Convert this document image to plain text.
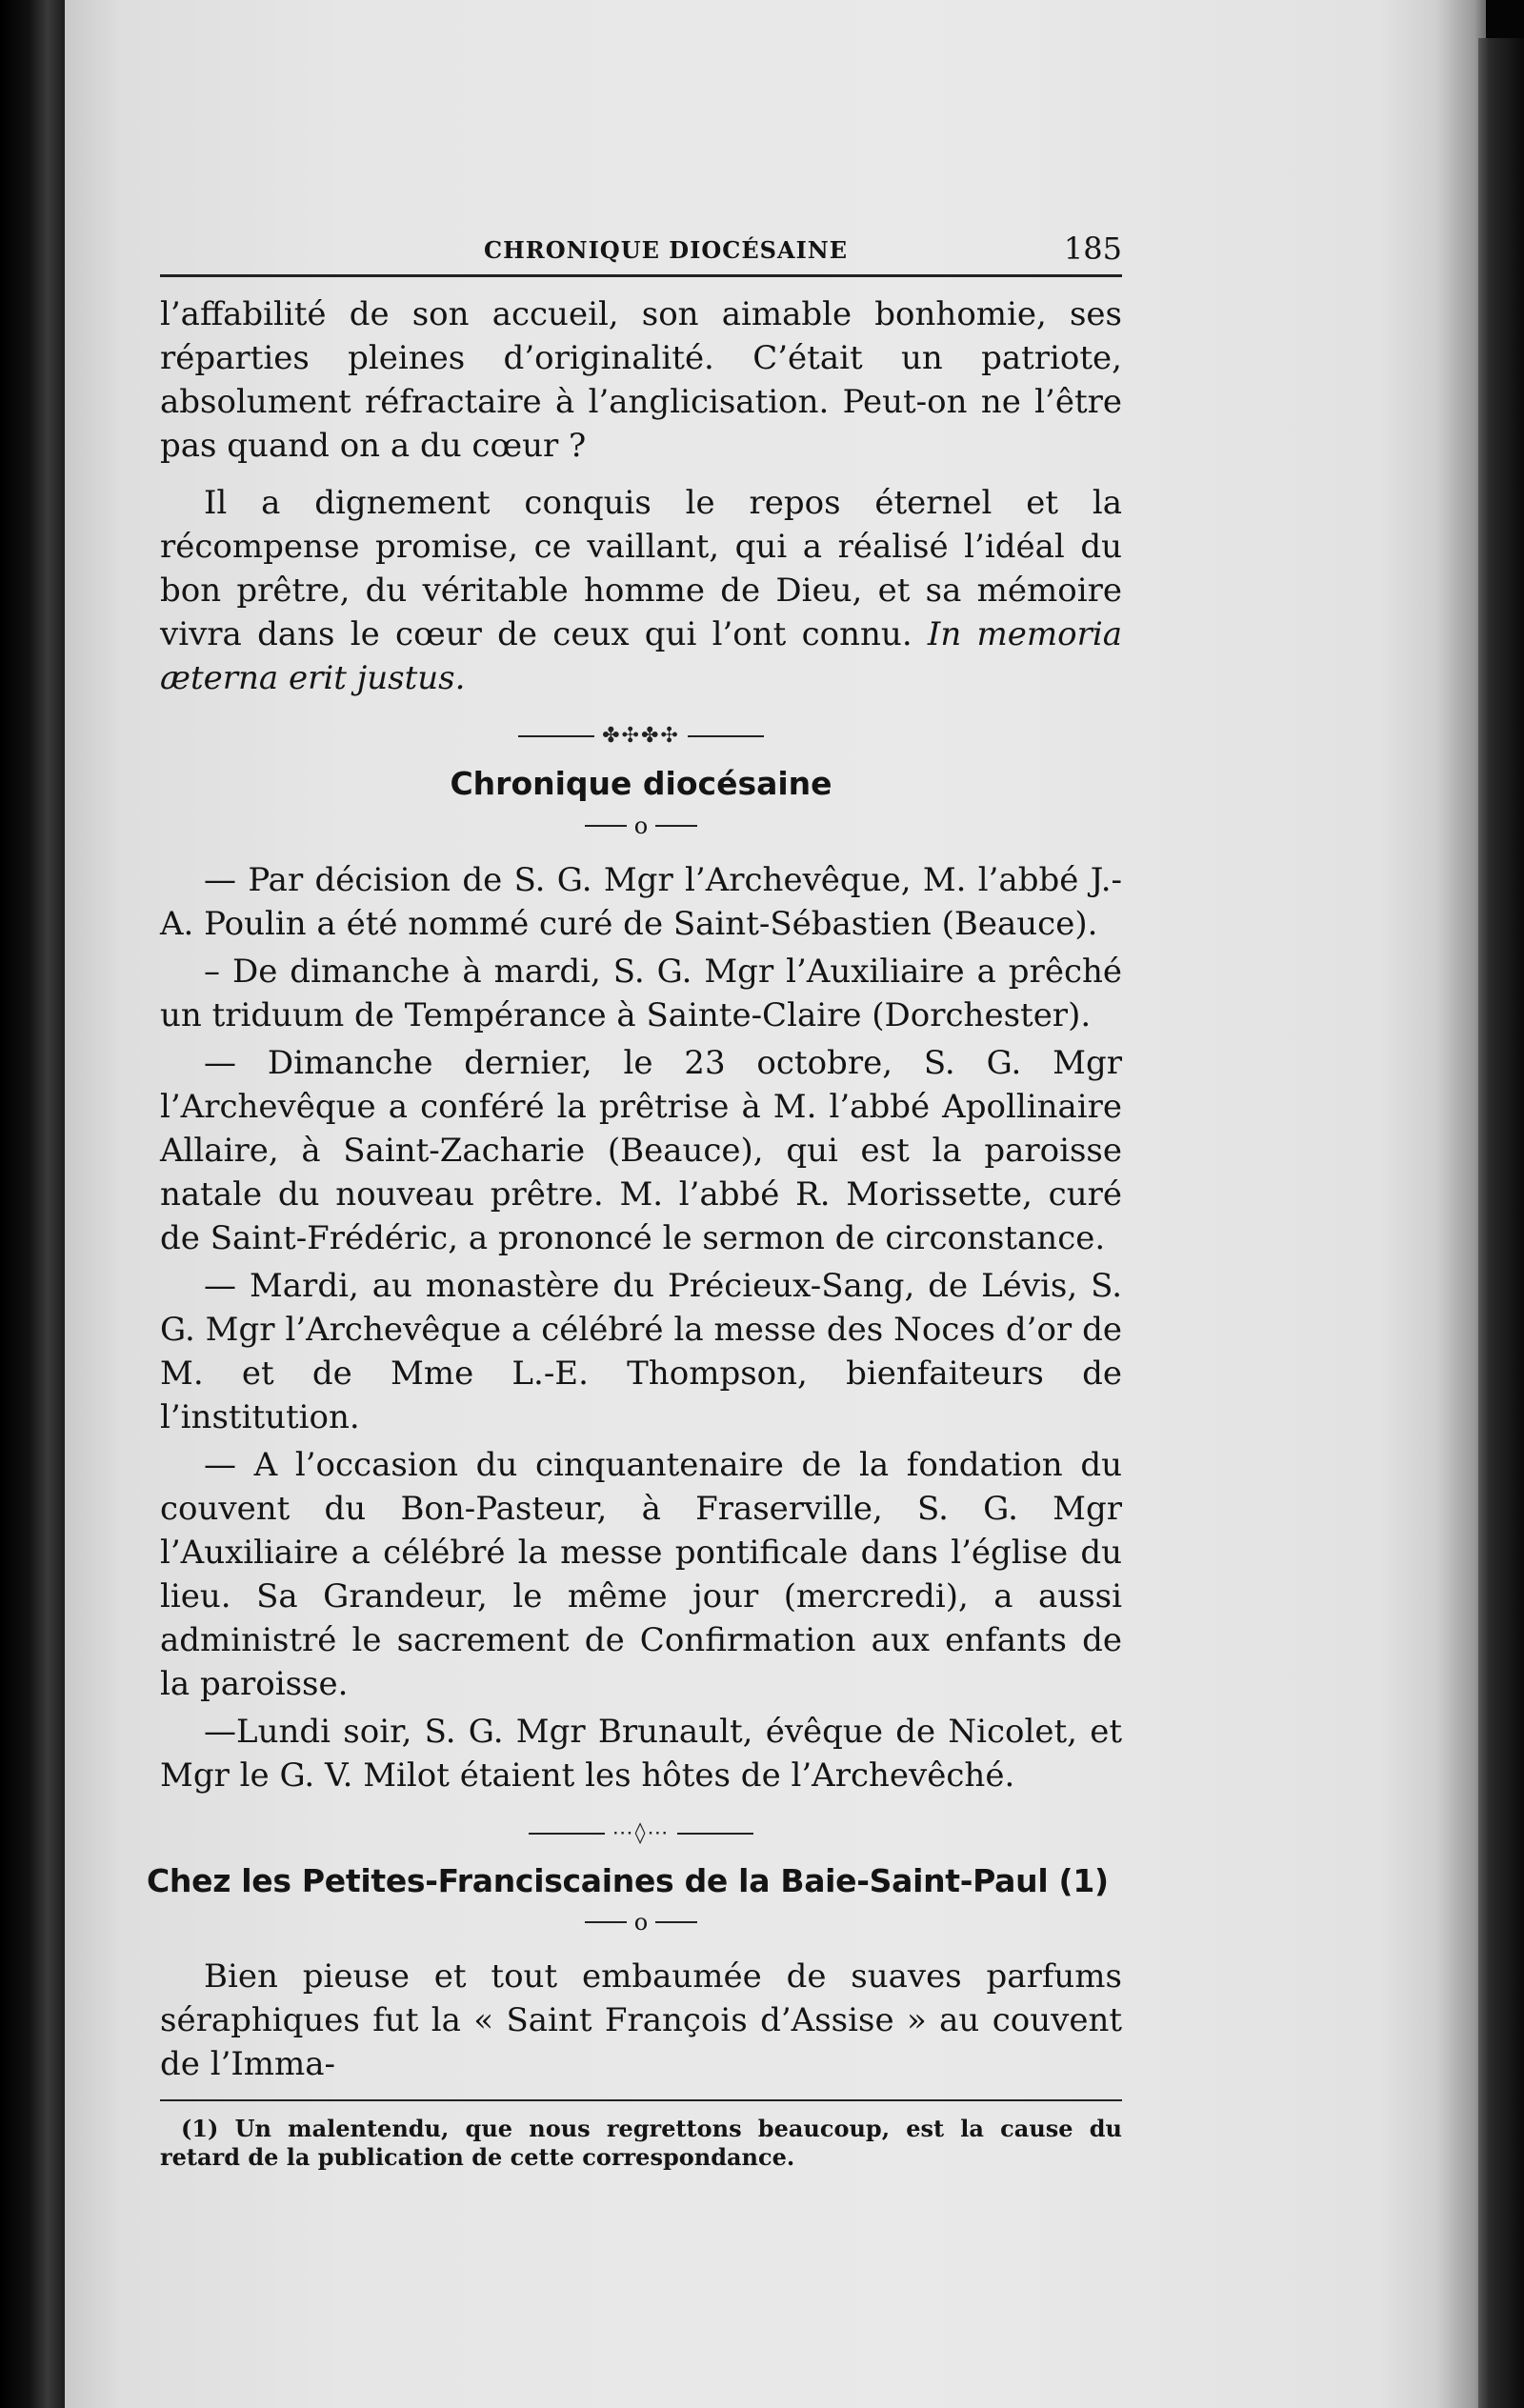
CHRONIQUE DIOCÉSAINE	185

l’affabilité de son accueil, son aimable bonhomie, ses réparties pleines d’originalité. C’était un patriote, absolument réfractaire à l’anglicisation. Peut-on ne l’être pas quand on a du cœur ?

Il a dignement conquis le repos éternel et la récompense promise, ce vaillant, qui a réalisé l’idéal du bon prêtre, du véritable homme de Dieu, et sa mémoire vivra dans le cœur de ceux qui l’ont connu. In memoria æterna erit justus.

✤✣✤✣
Chronique diocésaine
o

— Par décision de S. G. Mgr l’Archevêque, M. l’abbé J.-A. Poulin a été nommé curé de Saint-Sébastien (Beauce).

– De dimanche à mardi, S. G. Mgr l’Auxiliaire a prêché un triduum de Tempérance à Sainte-Claire (Dorchester).

— Dimanche dernier, le 23 octobre, S. G. Mgr l’Archevêque a conféré la prêtrise à M. l’abbé Apollinaire Allaire, à Saint-Zacharie (Beauce), qui est la paroisse natale du nouveau prêtre. M. l’abbé R. Morissette, curé de Saint-Frédéric, a prononcé le sermon de circonstance.

— Mardi, au monastère du Précieux-Sang, de Lévis, S. G. Mgr l’Archevêque a célébré la messe des Noces d’or de M. et de Mme L.-E. Thompson, bienfaiteurs de l’institution.

— A l’occasion du cinquantenaire de la fondation du couvent du Bon-Pasteur, à Fraserville, S. G. Mgr l’Auxiliaire a célébré la messe pontificale dans l’église du lieu. Sa Grandeur, le même jour (mercredi), a aussi administré le sacrement de Confirmation aux enfants de la paroisse.

—Lundi soir, S. G. Mgr Brunault, évêque de Nicolet, et Mgr le G. V. Milot étaient les hôtes de l’Archevêché.

⋯◊⋯
Chez les Petites-Franciscaines de la Baie-Saint-Paul (1)
o

Bien pieuse et tout embaumée de suaves parfums séraphiques fut la « Saint François d’Assise » au couvent de l’Imma-

(1) Un malentendu, que nous regrettons beaucoup, est la cause du retard de la publication de cette correspondance.
